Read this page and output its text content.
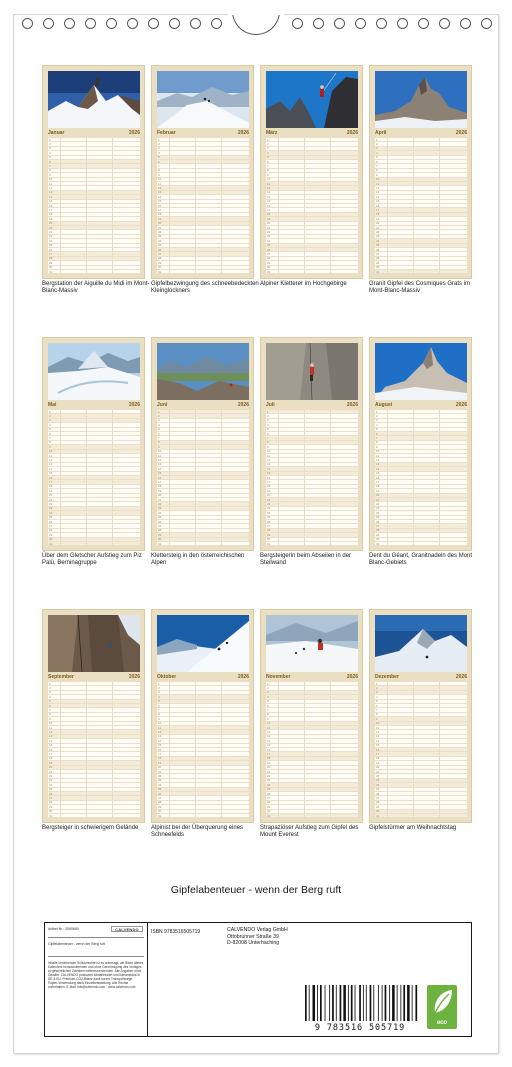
Januar	2026
1
2
3
4
5
6
7
8
9
10
11
12
13
14
15
16
17
18
19
20
21
22
23
24
25
26
27
28
29
30
31
Bergstation der Aiguille du Midi im Mont-Blanc-Massiv
Februar	2026
1
2
3
4
5
6
7
8
9
10
11
12
13
14
15
16
17
18
19
20
21
22
23
24
25
26
27
28
29
30
31
Gipfelbezwingung des schneebedeckten Kleinglockners
März	2026
1
2
3
4
5
6
7
8
9
10
11
12
13
14
15
16
17
18
19
20
21
22
23
24
25
26
27
28
29
30
31
Alpiner Kletterer im Hochgebirge
April	2026
1
2
3
4
5
6
7
8
9
10
11
12
13
14
15
16
17
18
19
20
21
22
23
24
25
26
27
28
29
30
31
Granit Gipfel des Cosmiques Grats im Mont-Blanc-Massiv
Mai	2026
1
2
3
4
5
6
7
8
9
10
11
12
13
14
15
16
17
18
19
20
21
22
23
24
25
26
27
28
29
30
31
Über dem Gletscher Aufstieg zum Piz Palü, Berninagruppe
Juni	2026
1
2
3
4
5
6
7
8
9
10
11
12
13
14
15
16
17
18
19
20
21
22
23
24
25
26
27
28
29
30
31
Klettersteig in den österreichischen Alpen
Juli	2026
1
2
3
4
5
6
7
8
9
10
11
12
13
14
15
16
17
18
19
20
21
22
23
24
25
26
27
28
29
30
31
Bergsteigerin beim Abseilen in der Steilwand
August	2026
1
2
3
4
5
6
7
8
9
10
11
12
13
14
15
16
17
18
19
20
21
22
23
24
25
26
27
28
29
30
31
Dent du Géant, Granitnadeln des Mont Blanc-Gebiets
September	2026
1
2
3
4
5
6
7
8
9
10
11
12
13
14
15
16
17
18
19
20
21
22
23
24
25
26
27
28
29
30
31
Bergsteiger in schwierigem Gelände
Oktober	2026
1
2
3
4
5
6
7
8
9
10
11
12
13
14
15
16
17
18
19
20
21
22
23
24
25
26
27
28
29
30
31
Alpinist bei der Überquerung eines Schneefelds
November	2026
1
2
3
4
5
6
7
8
9
10
11
12
13
14
15
16
17
18
19
20
21
22
23
24
25
26
27
28
29
30
31
Strapaziöser Aufstieg zum Gipfel des Mount Everest
Dezember	2026
1
2
3
4
5
6
7
8
9
10
11
12
13
14
15
16
17
18
19
20
21
22
23
24
25
26
27
28
29
30
31
Gipfelstürmer am Weihnachtstag
Gipfelabenteuer - wenn der Berg ruft
Artikel Nr.: 2060660	CALVENDO
Gipfelabenteuer - wenn der Berg ruft
Inhalte bestehender Schutzrechte ist es untersagt, die Bilder dieses Kalenders herauszutrennen und ohne Genehmigung des Verlages zu gewerblichen Zwecken weiterzuverwenden. Alle Angaben ohne Gewähr. CALVENDO produziert klimaflexsiert und klimaneutral in DE & EU. Premium-CO2-Bilanz dank kurzer Transportwege. Papier-Verwendung dank Einzelbeststellung. Alle Rechte vorbehalten. E-Mail: info@calvendo.com · www.calvendo.com
ISBN 9783516505719	CALVENDO Verlag GmbH
Ottobrunner Straße 39
D-82008 Unterhaching
9 783516 505719	eco
